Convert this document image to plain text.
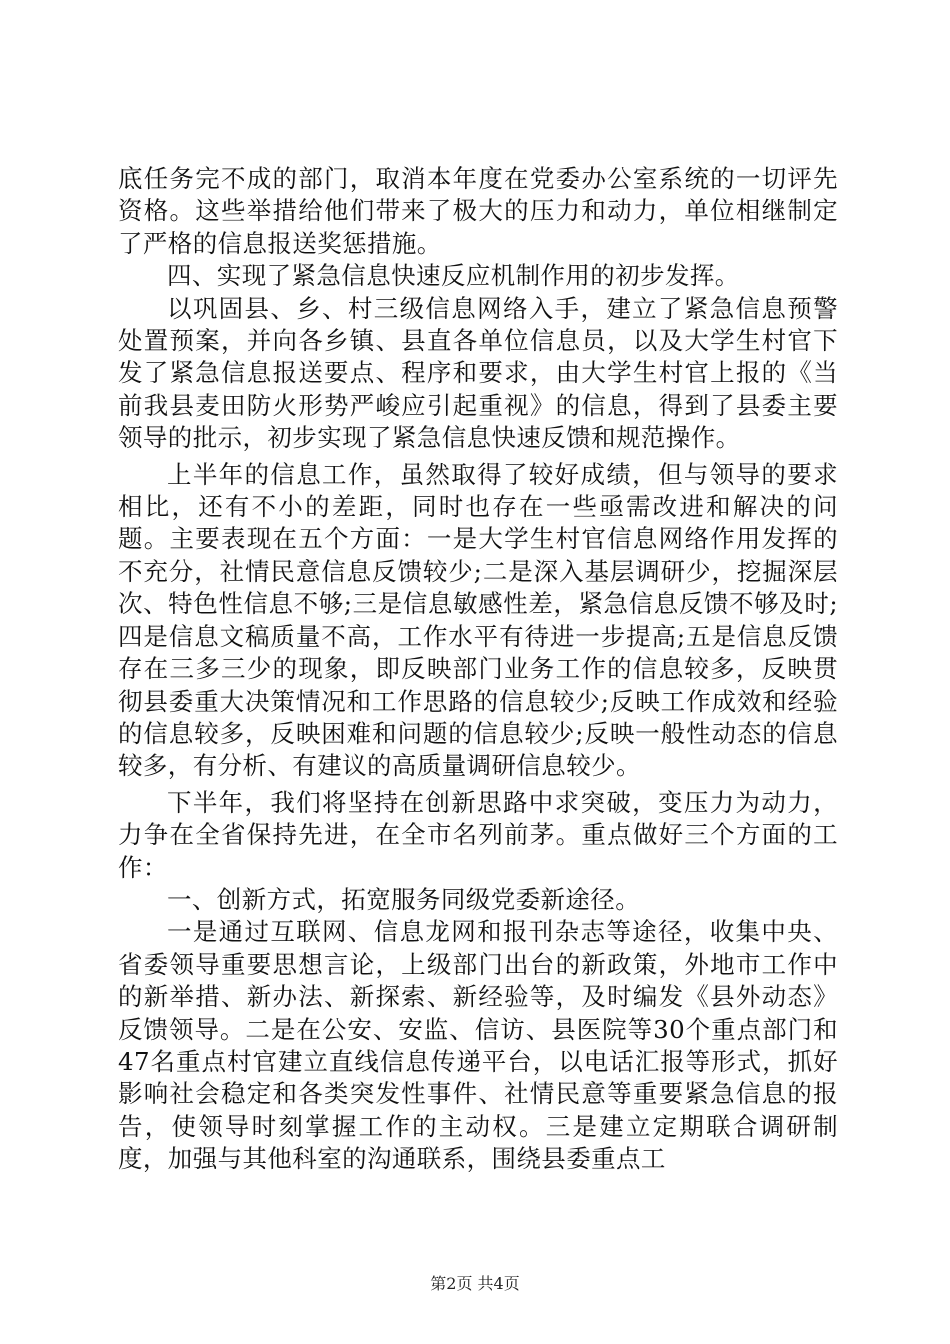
底任务完不成的部门，取消本年度在党委办公室系统的一切评先资格。这些举措给他们带来了极大的压力和动力，单位相继制定了严格的信息报送奖惩措施。

四、实现了紧急信息快速反应机制作用的初步发挥。

以巩固县、乡、村三级信息网络入手，建立了紧急信息预警处置预案，并向各乡镇、县直各单位信息员，以及大学生村官下发了紧急信息报送要点、程序和要求，由大学生村官上报的《当前我县麦田防火形势严峻应引起重视》的信息，得到了县委主要领导的批示，初步实现了紧急信息快速反馈和规范操作。

上半年的信息工作，虽然取得了较好成绩，但与领导的要求相比，还有不小的差距，同时也存在一些亟需改进和解决的问题。主要表现在五个方面：一是大学生村官信息网络作用发挥的不充分，社情民意信息反馈较少;二是深入基层调研少，挖掘深层次、特色性信息不够;三是信息敏感性差，紧急信息反馈不够及时;四是信息文稿质量不高，工作水平有待进一步提高;五是信息反馈存在三多三少的现象，即反映部门业务工作的信息较多，反映贯彻县委重大决策情况和工作思路的信息较少;反映工作成效和经验的信息较多，反映困难和问题的信息较少;反映一般性动态的信息较多，有分析、有建议的高质量调研信息较少。

下半年，我们将坚持在创新思路中求突破，变压力为动力，力争在全省保持先进，在全市名列前茅。重点做好三个方面的工作：

一、创新方式，拓宽服务同级党委新途径。

一是通过互联网、信息龙网和报刊杂志等途径，收集中央、省委领导重要思想言论，上级部门出台的新政策，外地市工作中的新举措、新办法、新探索、新经验等，及时编发《县外动态》反馈领导。二是在公安、安监、信访、县医院等30个重点部门和47名重点村官建立直线信息传递平台，以电话汇报等形式，抓好影响社会稳定和各类突发性事件、社情民意等重要紧急信息的报告，使领导时刻掌握工作的主动权。三是建立定期联合调研制度，加强与其他科室的沟通联系，围绕县委重点工

第2页 共4页
